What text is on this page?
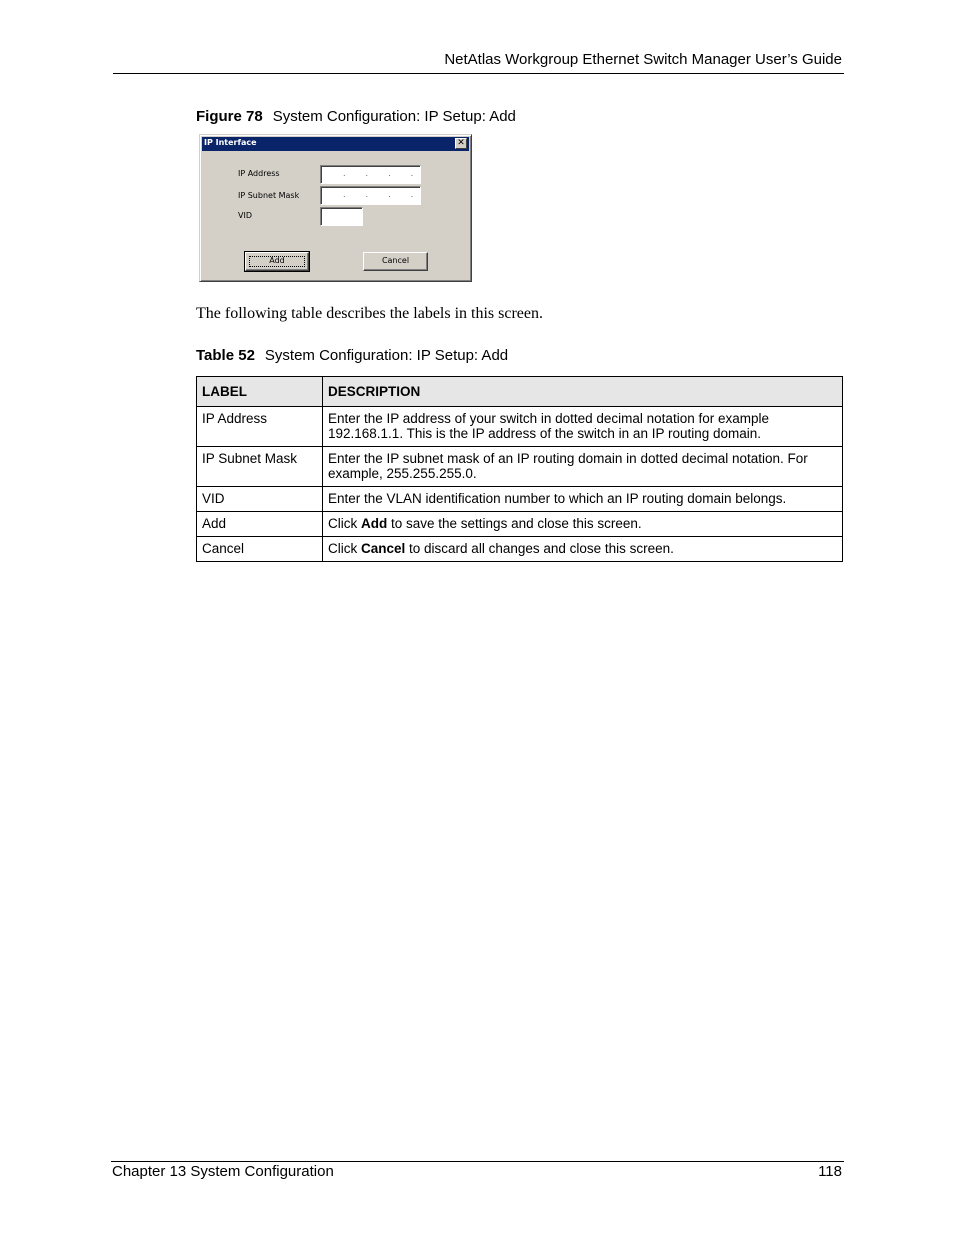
NetAtlas Workgroup Ethernet Switch Manager User’s Guide
Figure 78 System Configuration: IP Setup: Add
IP Interface	✕
IP Address	....
IP Subnet Mask	....
VID
Add	Cancel
The following table describes the labels in this screen.
Table 52 System Configuration: IP Setup: Add
LABEL	DESCRIPTION
IP Address	Enter the IP address of your switch in dotted decimal notation for example 192.168.1.1. This is the IP address of the switch in an IP routing domain.
IP Subnet Mask	Enter the IP subnet mask of an IP routing domain in dotted decimal notation. For example, 255.255.255.0.
VID	Enter the VLAN identification number to which an IP routing domain belongs.
Add	Click Add to save the settings and close this screen.
Cancel	Click Cancel to discard all changes and close this screen.
Chapter 13 System Configuration	118
